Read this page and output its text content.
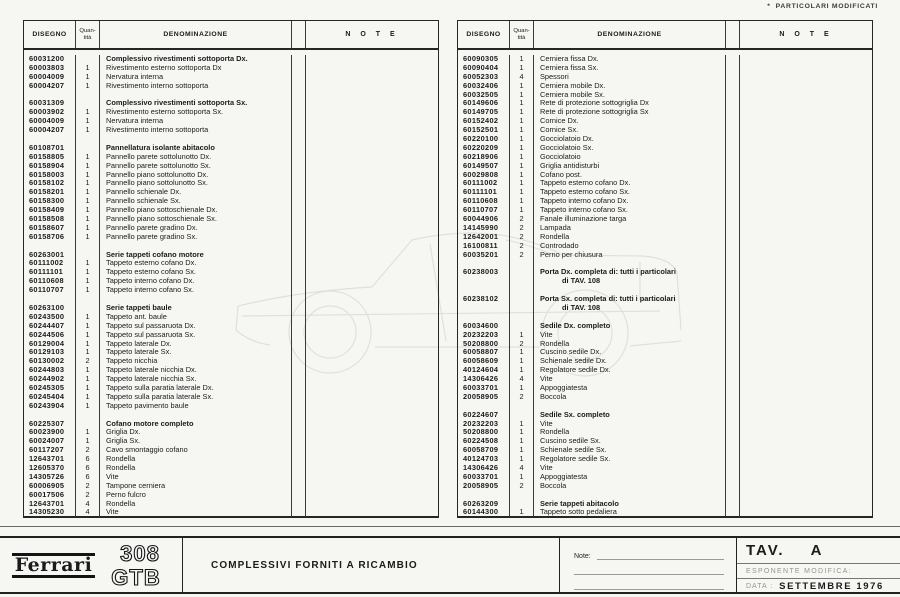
* PARTICOLARI MODIFICATI
DISEGNO	Quan-
tità	DENOMINAZIONE	N O T E
60031200	Complessivo rivestimenti sottoporta Dx.
60003803	1	Rivestimento esterno sottoporta Dx
60004009	1	Nervatura interna
60004207	1	Rivestimento interno sottoporta
60031309	Complessivo rivestimenti sottoporta Sx.
60003902	1	Rivestimento esterno sottoporta Sx.
60004009	1	Nervatura interna
60004207	1	Rivestimento interno sottoporta
60108701	Pannellatura isolante abitacolo
60158805	1	Pannello parete sottolunotto Dx.
60158904	1	Pannello parete sottolunotto Sx.
60158003	1	Pannello piano sottolunotto Dx.
60158102	1	Pannello piano sottolunotto Sx.
60158201	1	Pannello schienale Dx.
60158300	1	Pannello schienale Sx.
60158409	1	Pannello piano sottoschienale Dx.
60158508	1	Pannello piano sottoschienale Sx.
60158607	1	Pannello parete gradino Dx.
60158706	1	Pannello parete gradino Sx.
60263001	Serie tappeti cofano motore
60111002	1	Tappeto esterno cofano Dx.
60111101	1	Tappeto esterno cofano Sx.
60110608	1	Tappeto interno cofano Dx.
60110707	1	Tappeto interno cofano Sx.
60263100	Serie tappeti baule
60243500	1	Tappeto ant. baule
60244407	1	Tappeto sul passaruota Dx.
60244506	1	Tappeto sul passaruota Sx.
60129004	1	Tappeto laterale Dx.
60129103	1	Tappeto laterale Sx.
60130002	2	Tappeto nicchia
60244803	1	Tappeto laterale nicchia Dx.
60244902	1	Tappeto laterale nicchia Sx.
60245305	1	Tappeto sulla paratia laterale Dx.
60245404	1	Tappeto sulla paratia laterale Sx.
60243904	1	Tappeto pavimento baule
60225307	Cofano motore completo
60023900	1	Griglia Dx.
60024007	1	Griglia Sx.
60117207	2	Cavo smontaggio cofano
12643701	6	Rondella
12605370	6	Rondella
14305726	6	Vite
60006905	2	Tampone cerniera
60017506	2	Perno fulcro
12643701	4	Rondella
14305230	4	Vite
DISEGNO	Quan-
tità	DENOMINAZIONE	N O T E
60090305	1	Cerniera fissa Dx.
60090404	1	Cerniera fissa Sx.
60052303	4	Spessori
60032406	1	Cerniera mobile Dx.
60032505	1	Cerniera mobile Sx.
60149606	1	Rete di protezione sottogriglia Dx
60149705	1	Rete di protezione sottogriglia Sx
60152402	1	Cornice Dx.
60152501	1	Cornice Sx.
60220100	1	Gocciolatoio Dx.
60220209	1	Gocciolatoio Sx.
60218906	1	Gocciolatoio
60149507	1	Griglia antidisturbi
60029808	1	Cofano post.
60111002	1	Tappeto esterno cofano Dx.
60111101	1	Tappeto esterno cofano Sx.
60110608	1	Tappeto interno cofano Dx.
60110707	1	Tappeto interno cofano Sx.
60044906	2	Fanale illuminazione targa
14145990	2	Lampada
12642001	2	Rondella
16100811	2	Controdado
60035201	2	Perno per chiusura
60238003	Porta Dx. completa di: tutti i particolari
di TAV. 108
60238102	Porta Sx. completa di: tutti i particolari
di TAV. 108
60034600	Sedile Dx. completo
20232203	1	Vite
50208800	2	Rondella
60058807	1	Cuscino sedile Dx.
60058609	1	Schienale sedile Dx.
40124604	1	Regolatore sedile Dx.
14306426	4	Vite
60033701	1	Appoggiatesta
20058905	2	Boccola
60224607	Sedile Sx. completo
20232203	1	Vite
50208800	1	Rondella
60224508	1	Cuscino sedile Sx.
60058709	1	Schienale sedile Sx.
40124703	1	Regolatore sedile Sx.
14306426	4	Vite
60033701	1	Appoggiatesta
20058905	2	Boccola
60263209	Serie tappeti abitacolo
60144300	1	Tappeto sotto pedaliera
Ferrari 308
GTB	COMPLESSIVI FORNITI A RICAMBIO
Note:	TAV. A
ESPONENTE MODIFICA:
DATA : SETTEMBRE 1976
